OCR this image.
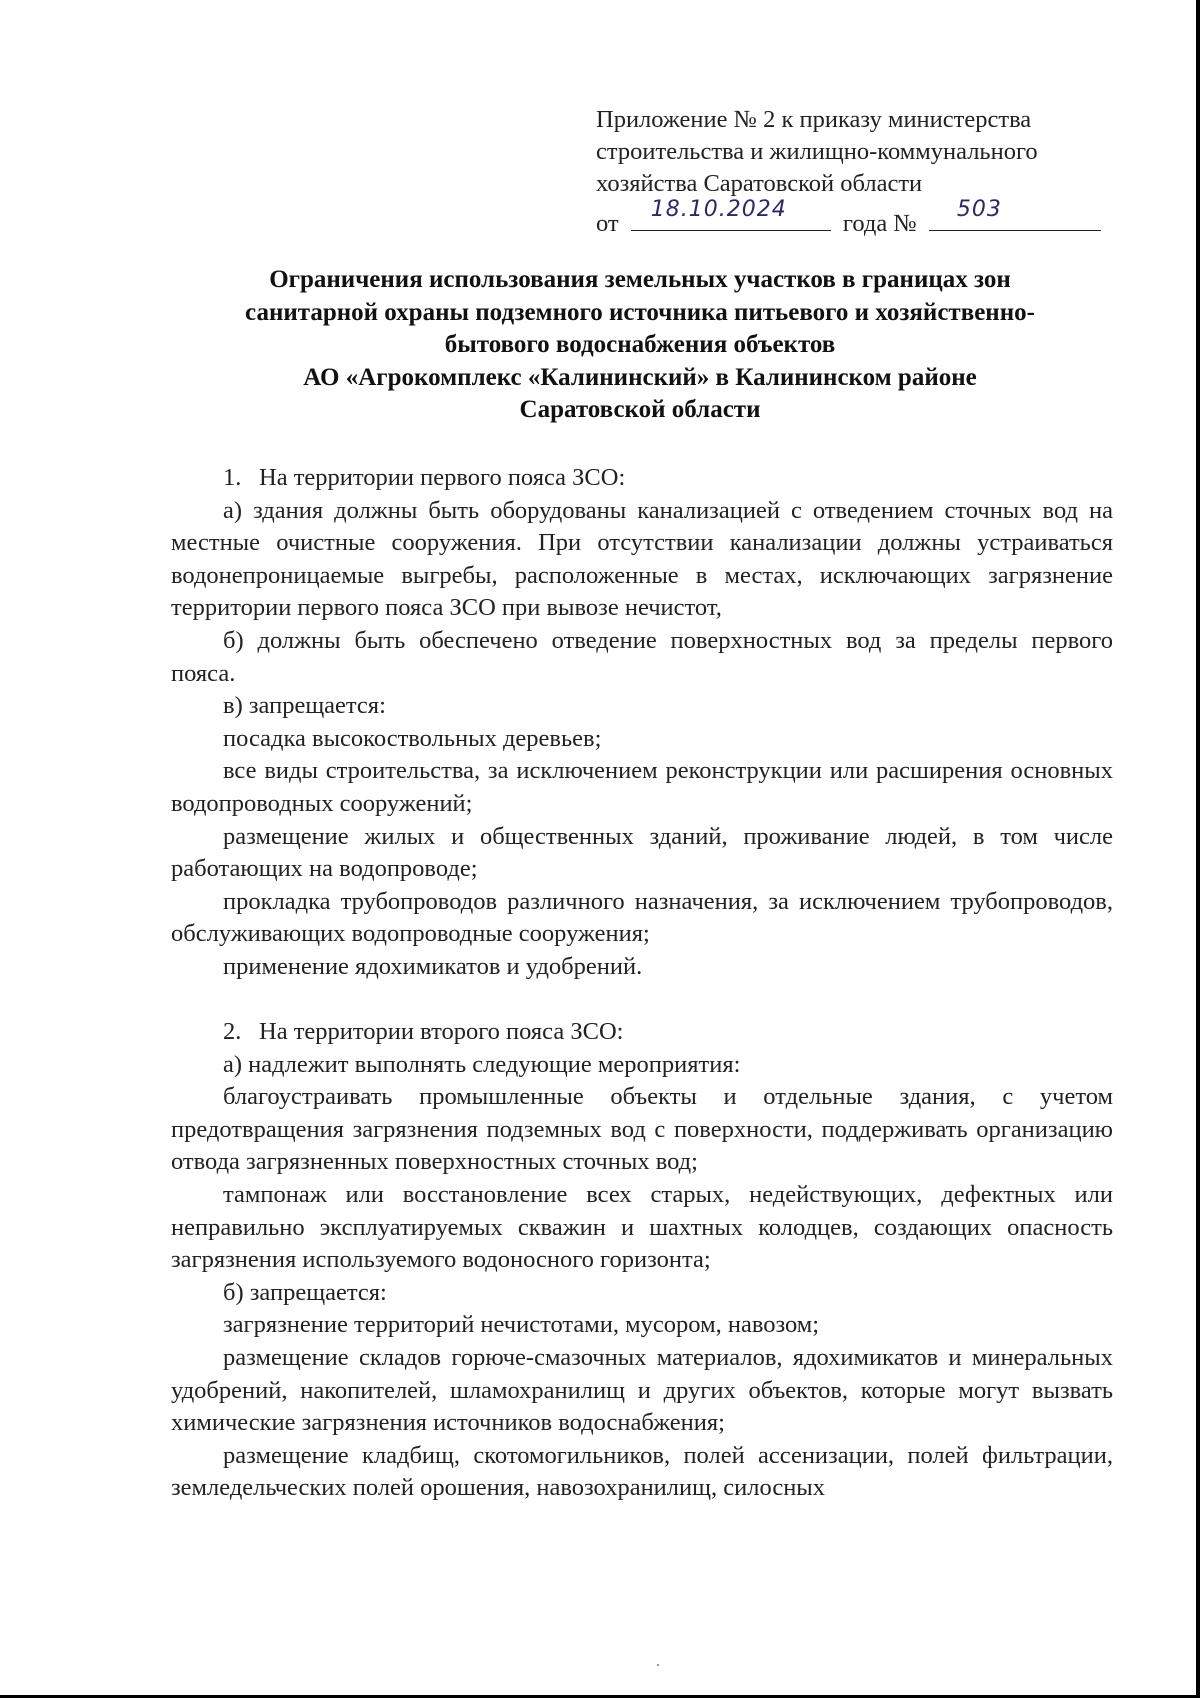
Приложение № 2 к приказу министерства
строительства и жилищно-коммунального
хозяйства Саратовской области
от
18.10.2024
года №
503
Ограничения использования земельных участков в границах зон
санитарной охраны подземного источника питьевого и хозяйственно-
бытового водоснабжения объектов
АО «Агрокомплекс «Калининский» в Калининском районе
Саратовской области

1. На территории первого пояса ЗСО:

а) здания должны быть оборудованы канализацией с отведением сточных вод на местные очистные сооружения. При отсутствии канализации должны устраиваться водонепроницаемые выгребы, расположенные в местах, исключающих загрязнение территории первого пояса ЗСО при вывозе нечистот,

б) должны быть обеспечено отведение поверхностных вод за пределы первого пояса.

в) запрещается:

посадка высокоствольных деревьев;

все виды строительства, за исключением реконструкции или расширения основных водопроводных сооружений;

размещение жилых и общественных зданий, проживание людей, в том числе работающих на водопроводе;

прокладка трубопроводов различного назначения, за исключением трубопроводов, обслуживающих водопроводные сооружения;

применение ядохимикатов и удобрений.

2. На территории второго пояса ЗСО:

а) надлежит выполнять следующие мероприятия:

благоустраивать промышленные объекты и отдельные здания, с учетом предотвращения загрязнения подземных вод с поверхности, поддерживать организацию отвода загрязненных поверхностных сточных вод;

тампонаж или восстановление всех старых, недействующих, дефектных или неправильно эксплуатируемых скважин и шахтных колодцев, создающих опасность загрязнения используемого водоносного горизонта;

б) запрещается:

загрязнение территорий нечистотами, мусором, навозом;

размещение складов горюче-смазочных материалов, ядохимикатов и минеральных удобрений, накопителей, шламохранилищ и других объектов, которые могут вызвать химические загрязнения источников водоснабжения;

размещение кладбищ, скотомогильников, полей ассенизации, полей фильтрации, земледельческих полей орошения, навозохранилищ, силосных
